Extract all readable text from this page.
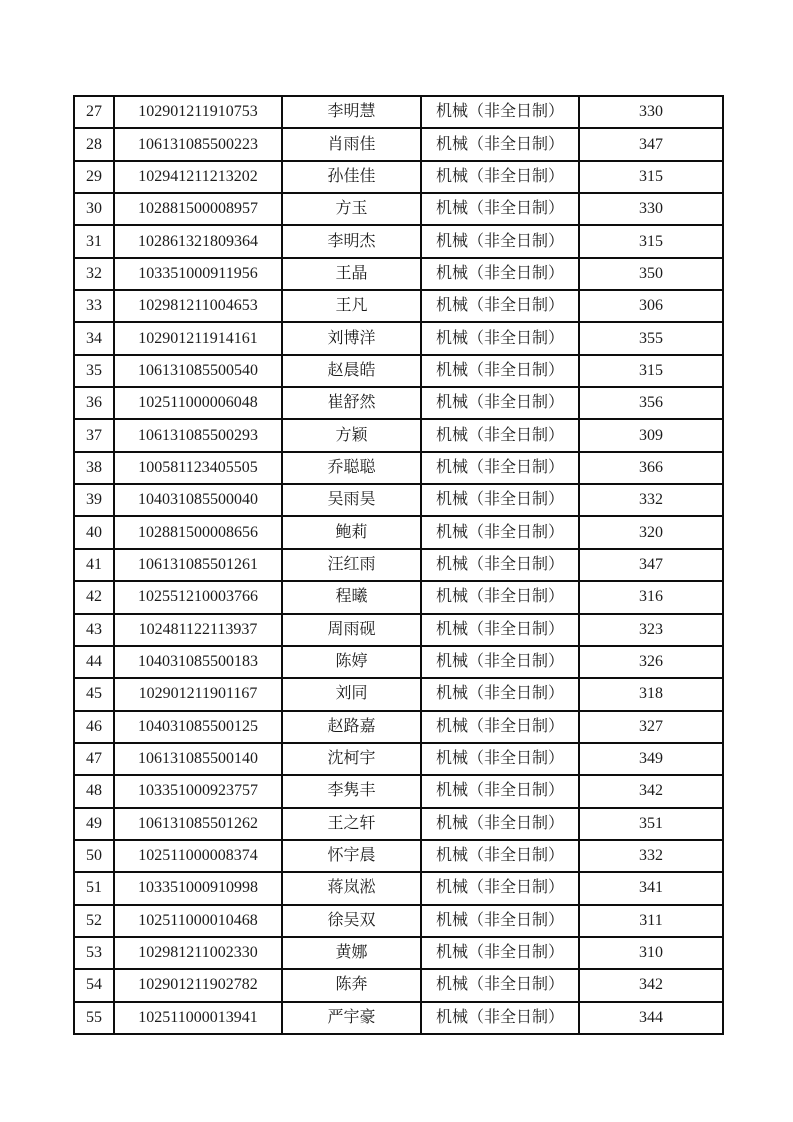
27	102901211910753	李明慧	机械（非全日制）	330
28	106131085500223	肖雨佳	机械（非全日制）	347
29	102941211213202	孙佳佳	机械（非全日制）	315
30	102881500008957	方玉	机械（非全日制）	330
31	102861321809364	李明杰	机械（非全日制）	315
32	103351000911956	王晶	机械（非全日制）	350
33	102981211004653	王凡	机械（非全日制）	306
34	102901211914161	刘博洋	机械（非全日制）	355
35	106131085500540	赵晨皓	机械（非全日制）	315
36	102511000006048	崔舒然	机械（非全日制）	356
37	106131085500293	方颖	机械（非全日制）	309
38	100581123405505	乔聪聪	机械（非全日制）	366
39	104031085500040	吴雨昊	机械（非全日制）	332
40	102881500008656	鲍莉	机械（非全日制）	320
41	106131085501261	汪红雨	机械（非全日制）	347
42	102551210003766	程曦	机械（非全日制）	316
43	102481122113937	周雨砚	机械（非全日制）	323
44	104031085500183	陈婷	机械（非全日制）	326
45	102901211901167	刘同	机械（非全日制）	318
46	104031085500125	赵路嘉	机械（非全日制）	327
47	106131085500140	沈柯宇	机械（非全日制）	349
48	103351000923757	李隽丰	机械（非全日制）	342
49	106131085501262	王之轩	机械（非全日制）	351
50	102511000008374	怀宇晨	机械（非全日制）	332
51	103351000910998	蒋岚淞	机械（非全日制）	341
52	102511000010468	徐吴双	机械（非全日制）	311
53	102981211002330	黄娜	机械（非全日制）	310
54	102901211902782	陈奔	机械（非全日制）	342
55	102511000013941	严宇豪	机械（非全日制）	344
